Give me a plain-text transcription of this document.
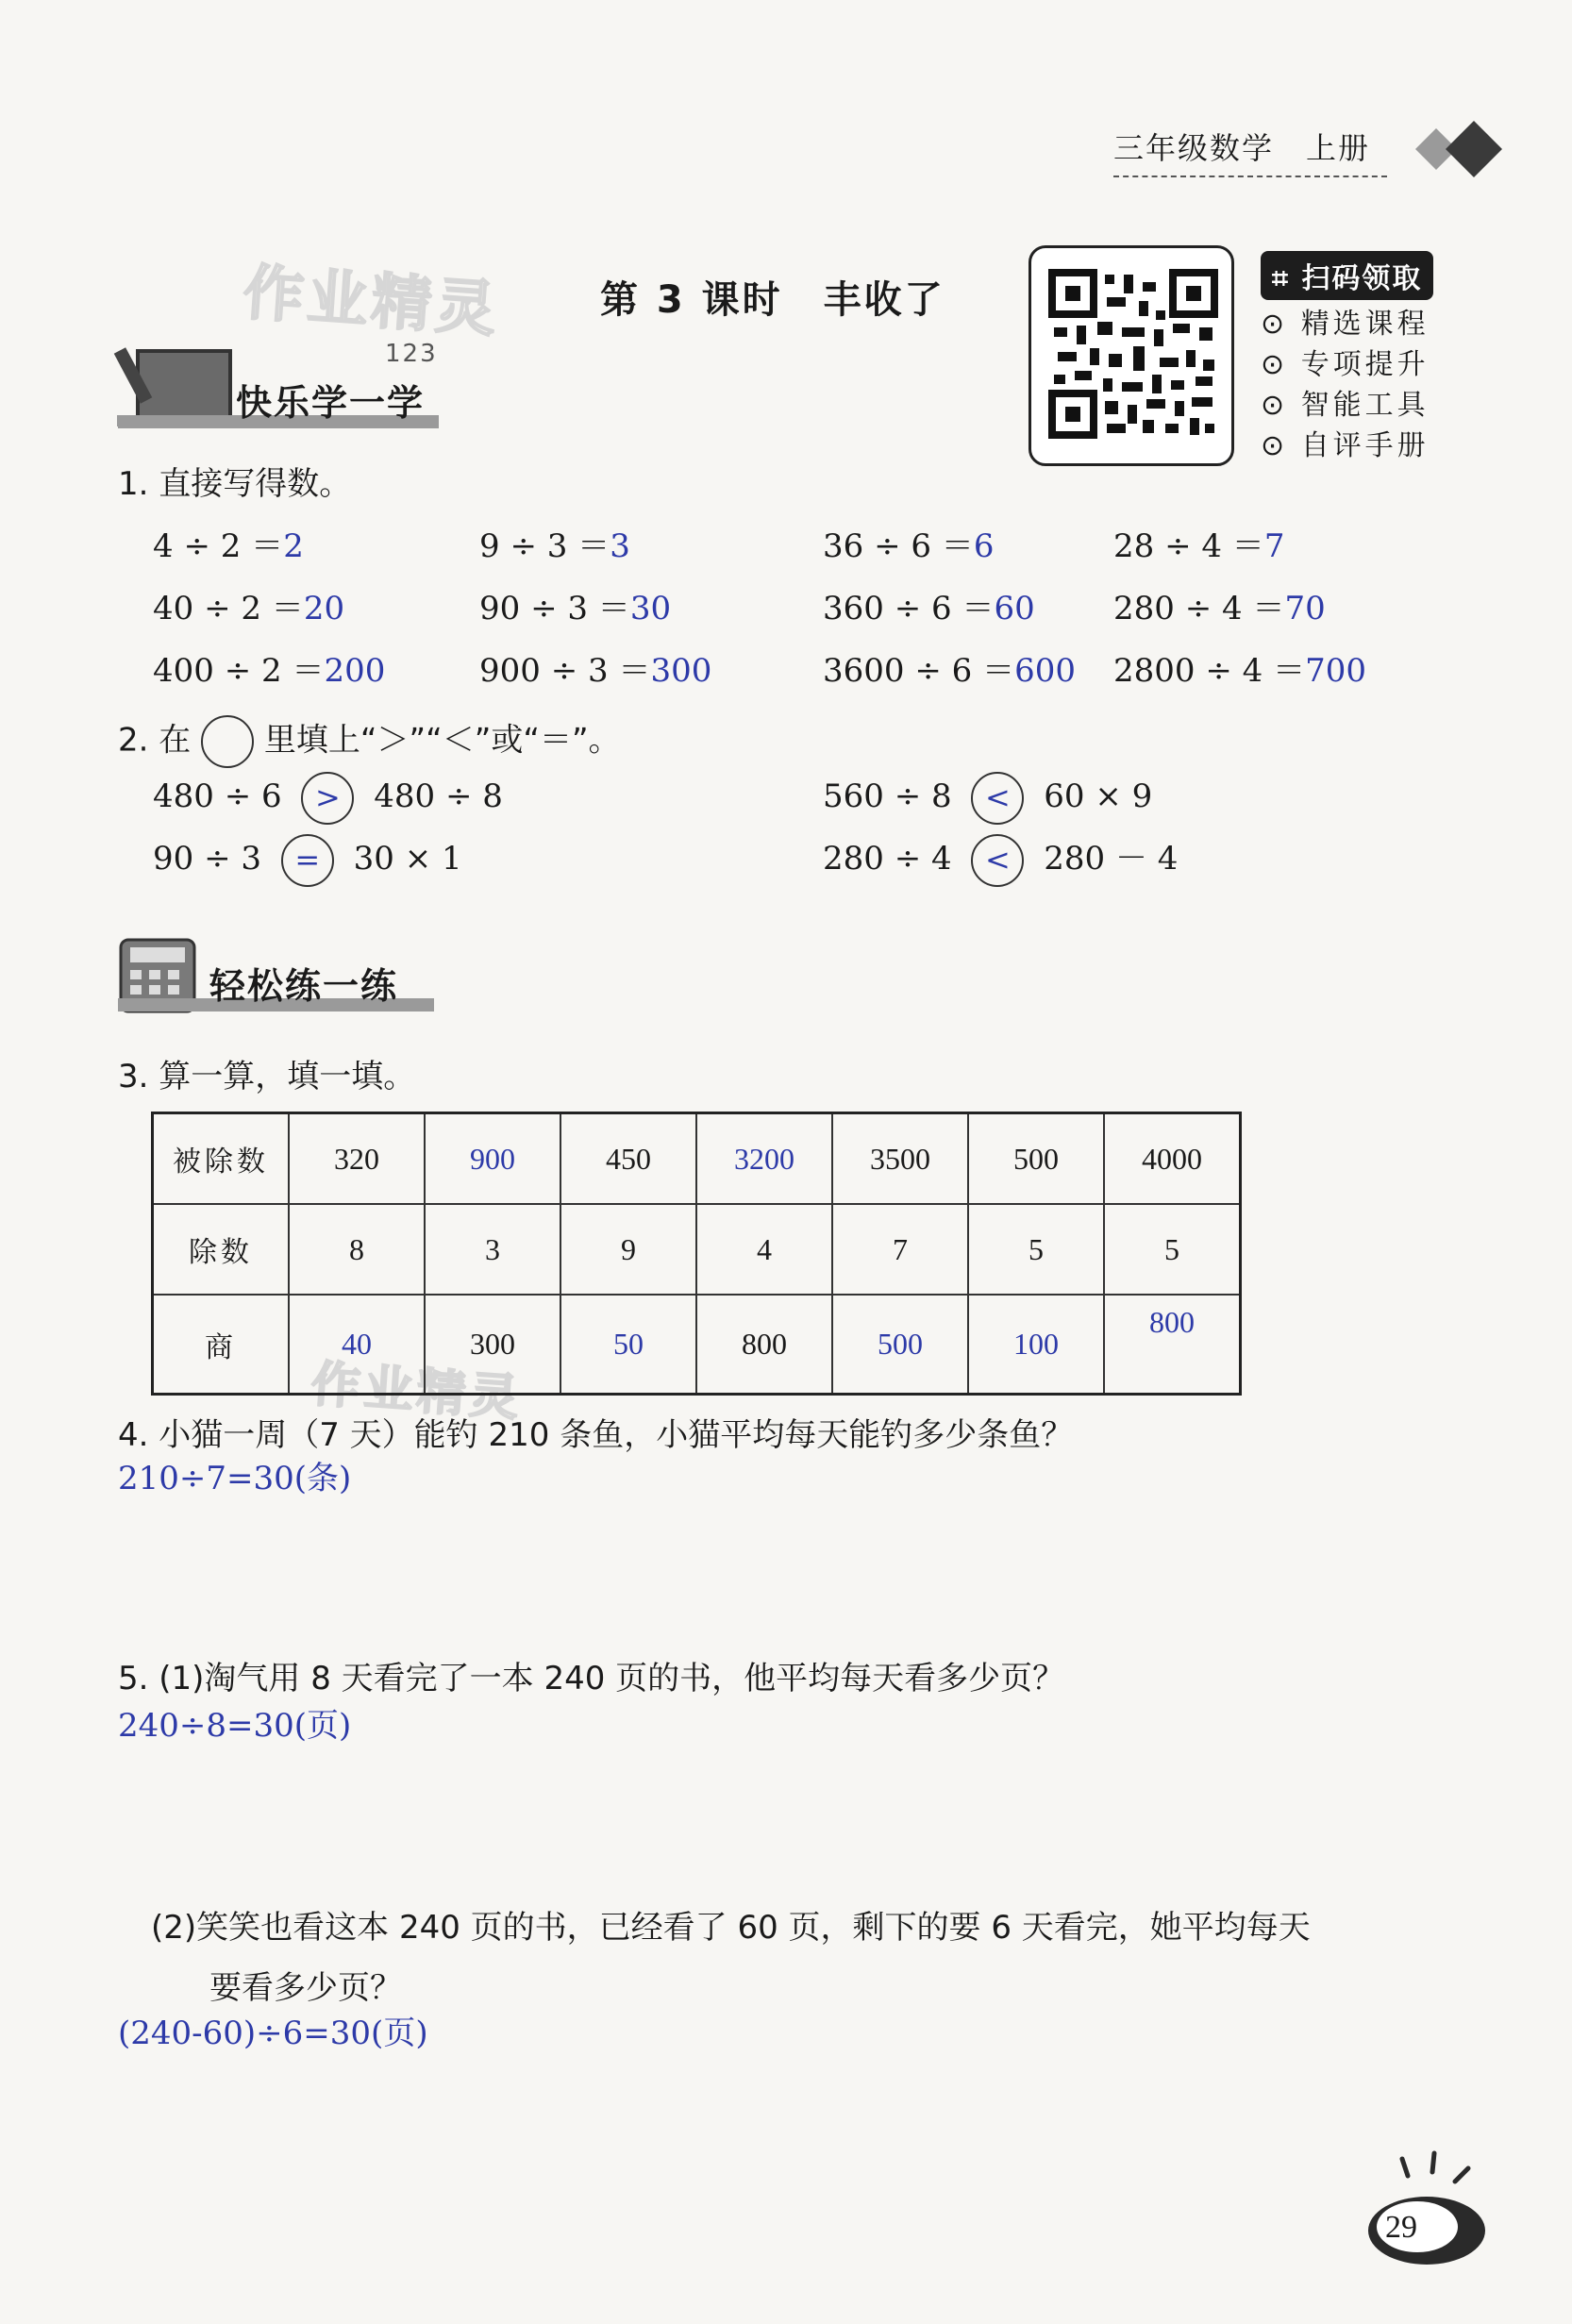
三年级数学　上册
作业精灵
作业精灵
第 3 课时　丰收了	⌗ 扫码领取
⊙ 精选课程
⊙ 专项提升
⊙ 智能工具
⊙ 自评手册
快乐学一学
123
1. 直接写得数。
4 ÷ 2 ＝2	9 ÷ 3 ＝3	36 ÷ 6 ＝6	28 ÷ 4 ＝7
40 ÷ 2 ＝20	90 ÷ 3 ＝30	360 ÷ 6 ＝60 280 ÷ 4 ＝70
400 ÷ 2 ＝200	900 ÷ 3 ＝300	3600 ÷ 6 ＝600 2800 ÷ 4 ＝700
2. 在 里填上“＞”“＜”或“＝”。
480 ÷ 6 > 480 ÷ 8	560 ÷ 8 < 60 × 9
90 ÷ 3 = 30 × 1	280 ÷ 4 < 280 － 4
轻松练一练
3. 算一算，填一填。
被除数	320	900	450	3200	3500	500	4000
除数	8	3	9	4	7	5	5
商	40	300	50	800	500	100	800
4. 小猫一周（7 天）能钓 210 条鱼，小猫平均每天能钓多少条鱼？
210÷7=30(条)
5. (1)淘气用 8 天看完了一本 240 页的书，他平均每天看多少页？
240÷8=30(页)
(2)笑笑也看这本 240 页的书，已经看了 60 页，剩下的要 6 天看完，她平均每天
要看多少页？
(240-60)÷6=30(页)
29
